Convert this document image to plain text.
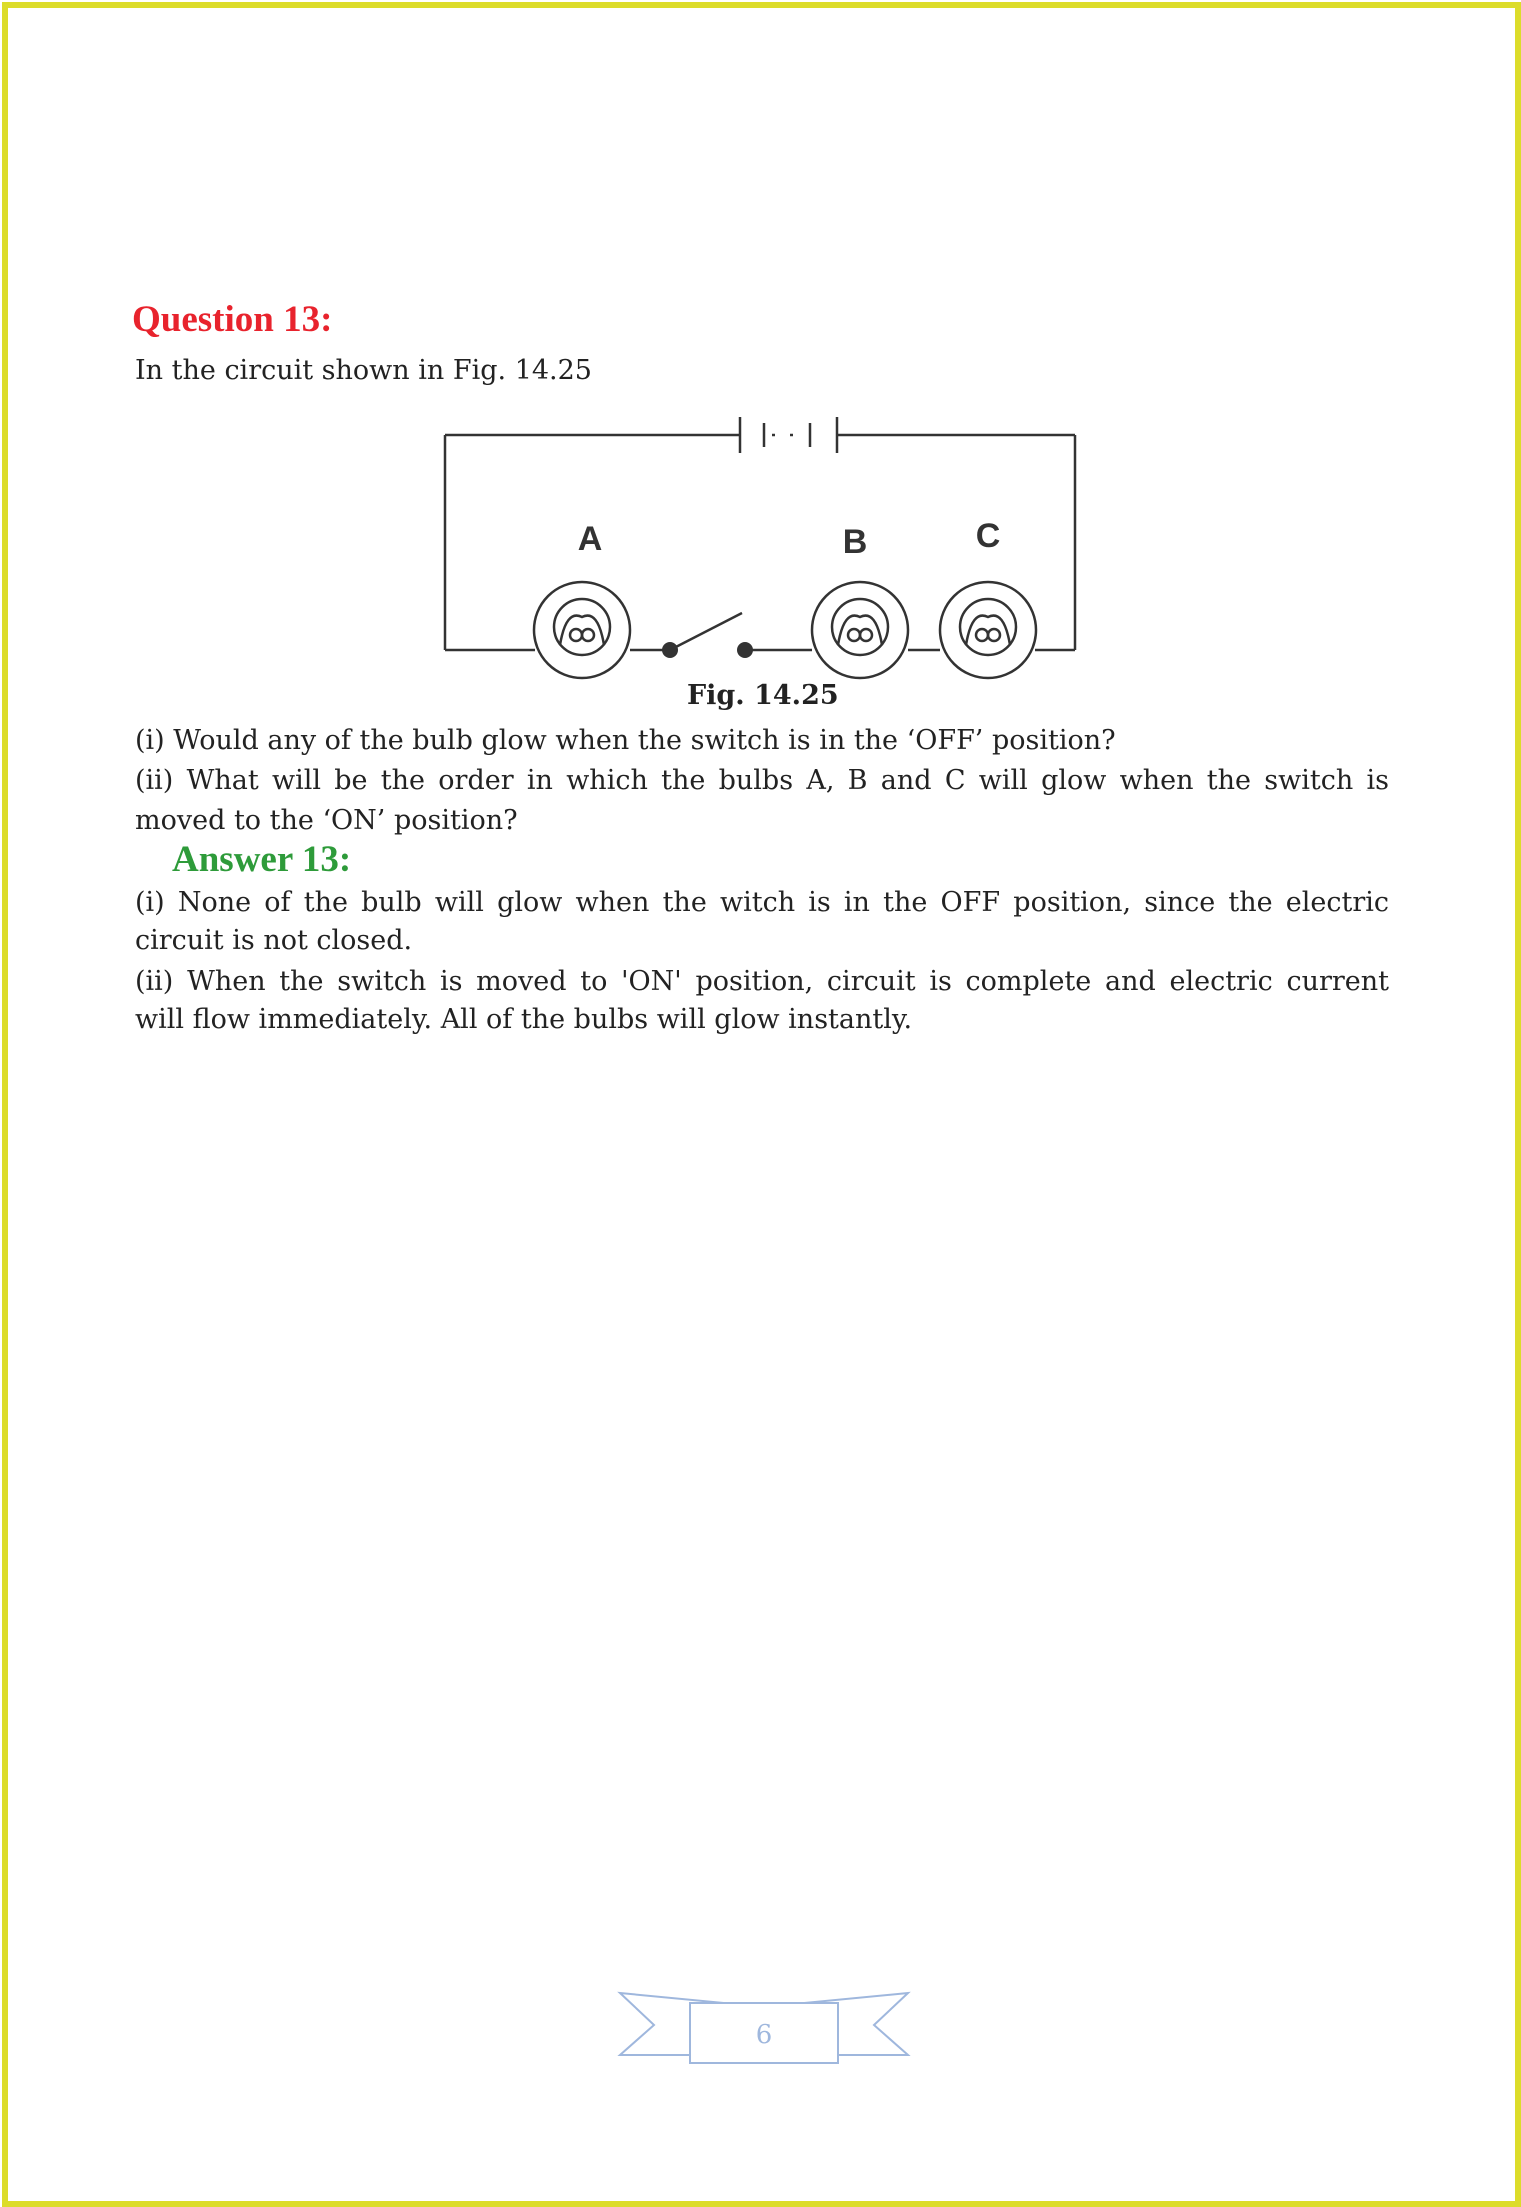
Question 13:

In the circuit shown in Fig. 14.25

A	B	C

Fig. 14.25

(i) Would any of the bulb glow when the switch is in the ‘OFF’ position?

(ii) What will be the order in which the bulbs A, B and C will glow when the switch is

moved to the ‘ON’ position?

Answer 13:

(i) None of the bulb will glow when the witch is in the OFF position, since the electric

circuit is not closed.

(ii) When the switch is moved to 'ON' position, circuit is complete and electric current

will flow immediately. All of the bulbs will glow instantly.

6
